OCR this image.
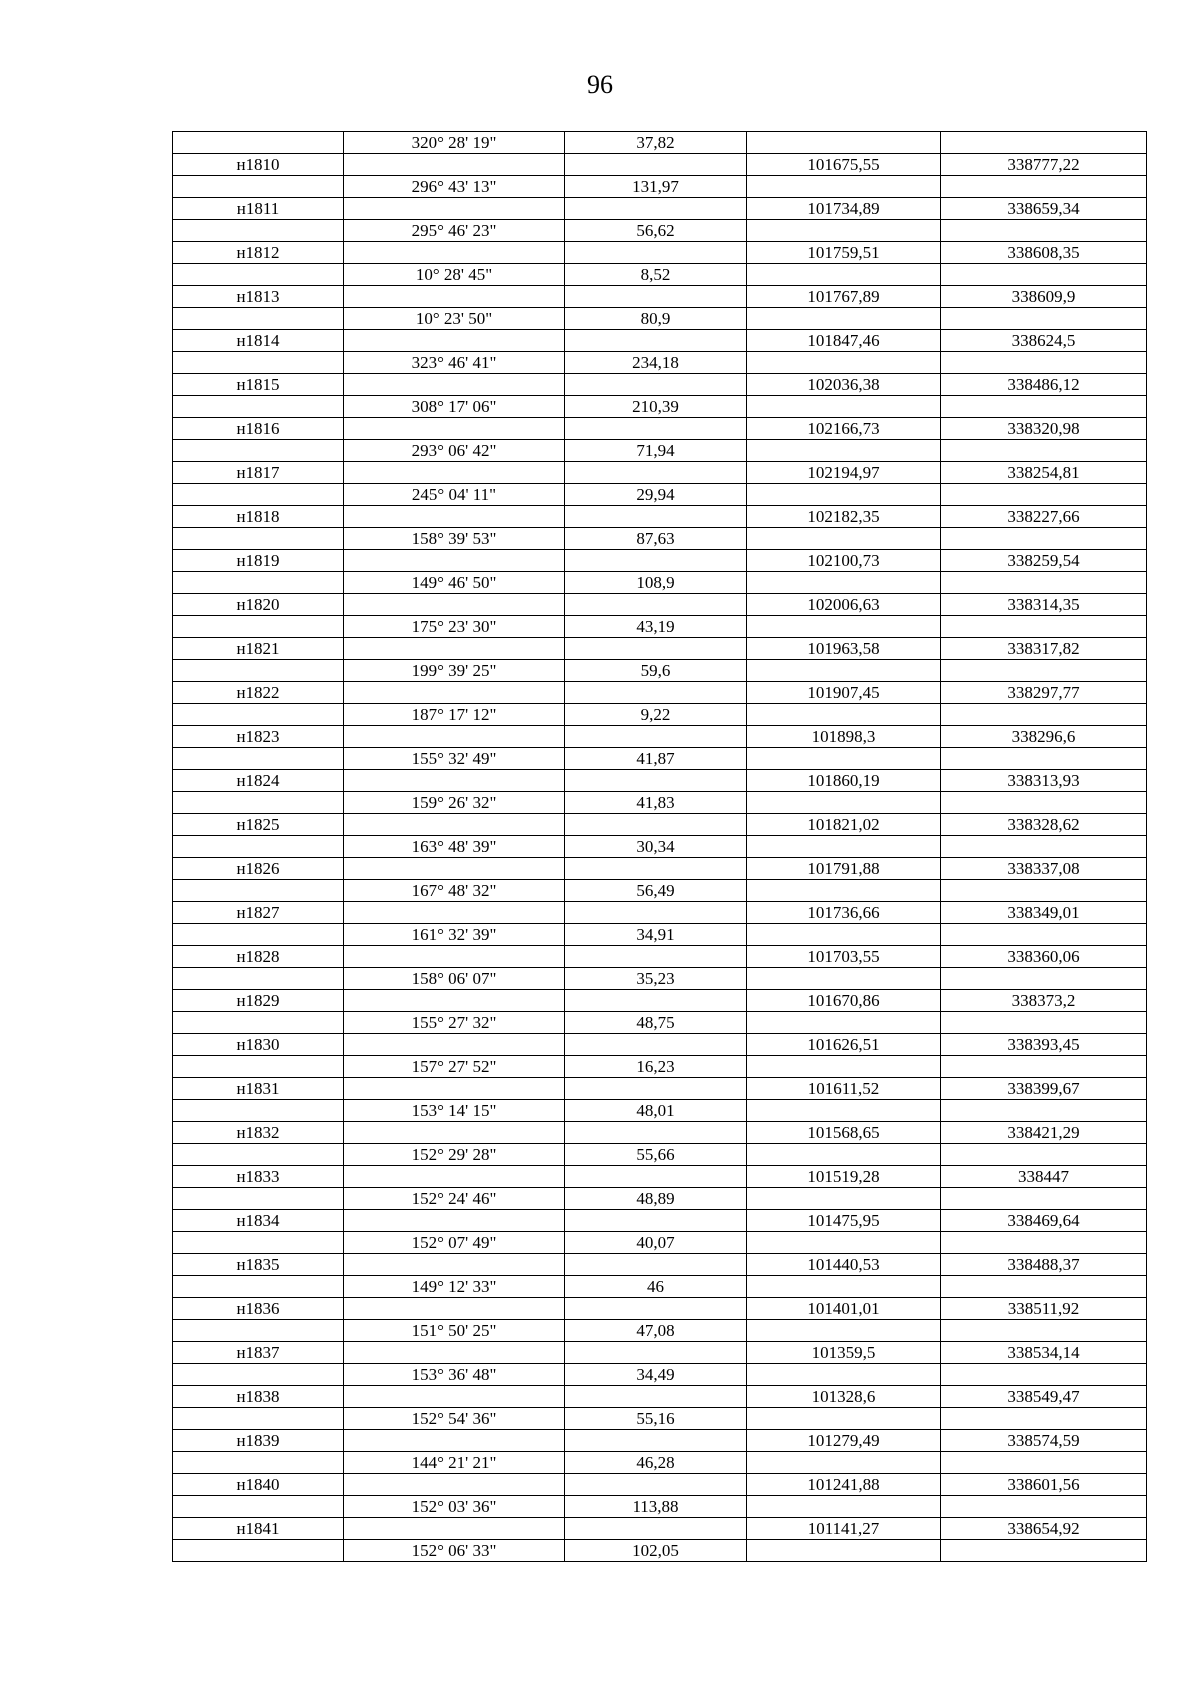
96
	320° 28' 19"	37,82		
н1810			101675,55	338777,22
	296° 43' 13"	131,97		
н1811			101734,89	338659,34
	295° 46' 23"	56,62		
н1812			101759,51	338608,35
	10° 28' 45"	8,52		
н1813			101767,89	338609,9
	10° 23' 50"	80,9		
н1814			101847,46	338624,5
	323° 46' 41"	234,18		
н1815			102036,38	338486,12
	308° 17' 06"	210,39		
н1816			102166,73	338320,98
	293° 06' 42"	71,94		
н1817			102194,97	338254,81
	245° 04' 11"	29,94		
н1818			102182,35	338227,66
	158° 39' 53"	87,63		
н1819			102100,73	338259,54
	149° 46' 50"	108,9		
н1820			102006,63	338314,35
	175° 23' 30"	43,19		
н1821			101963,58	338317,82
	199° 39' 25"	59,6		
н1822			101907,45	338297,77
	187° 17' 12"	9,22		
н1823			101898,3	338296,6
	155° 32' 49"	41,87		
н1824			101860,19	338313,93
	159° 26' 32"	41,83		
н1825			101821,02	338328,62
	163° 48' 39"	30,34		
н1826			101791,88	338337,08
	167° 48' 32"	56,49		
н1827			101736,66	338349,01
	161° 32' 39"	34,91		
н1828			101703,55	338360,06
	158° 06' 07"	35,23		
н1829			101670,86	338373,2
	155° 27' 32"	48,75		
н1830			101626,51	338393,45
	157° 27' 52"	16,23		
н1831			101611,52	338399,67
	153° 14' 15"	48,01		
н1832			101568,65	338421,29
	152° 29' 28"	55,66		
н1833			101519,28	338447
	152° 24' 46"	48,89		
н1834			101475,95	338469,64
	152° 07' 49"	40,07		
н1835			101440,53	338488,37
	149° 12' 33"	46		
н1836			101401,01	338511,92
	151° 50' 25"	47,08		
н1837			101359,5	338534,14
	153° 36' 48"	34,49		
н1838			101328,6	338549,47
	152° 54' 36"	55,16		
н1839			101279,49	338574,59
	144° 21' 21"	46,28		
н1840			101241,88	338601,56
	152° 03' 36"	113,88		
н1841			101141,27	338654,92
	152° 06' 33"	102,05		
